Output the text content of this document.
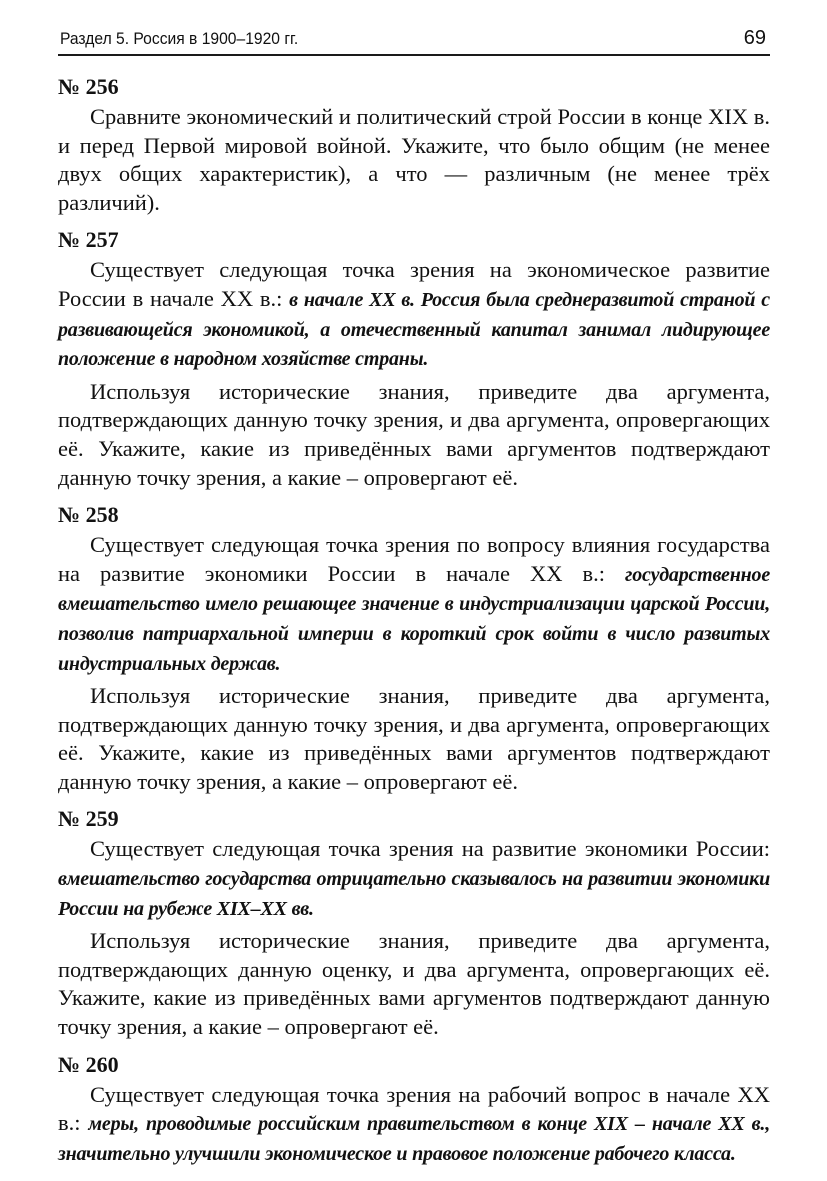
Раздел 5. Россия в 1900–1920 гг.	69
№ 256

Сравните экономический и политический строй России в конце XIX в. и перед Первой мировой войной. Укажите, что было общим (не менее двух общих характеристик), а что — различным (не менее трёх различий).

№ 257

Существует следующая точка зрения на экономическое развитие России в начале XX в.: в начале XX в. Россия была среднеразвитой страной с развивающейся экономикой, а отечественный капитал занимал лидирующее положение в народном хозяйстве страны.

Используя исторические знания, приведите два аргумента, подтверждающих данную точку зрения, и два аргумента, опровергающих её. Укажите, какие из приведённых вами аргументов подтверждают данную точку зрения, а какие – опровергают её.

№ 258

Существует следующая точка зрения по вопросу влияния государства на развитие экономики России в начале XX в.: государственное вмешательство имело решающее значение в индустриализации царской России, позволив патриархальной империи в короткий срок войти в число развитых индустриальных держав.

Используя исторические знания, приведите два аргумента, подтверждающих данную точку зрения, и два аргумента, опровергающих её. Укажите, какие из приведённых вами аргументов подтверждают данную точку зрения, а какие – опровергают её.

№ 259

Существует следующая точка зрения на развитие экономики России: вмешательство государства отрицательно сказывалось на развитии экономики России на рубеже XIX–XX вв.

Используя исторические знания, приведите два аргумента, подтверждающих данную оценку, и два аргумента, опровергающих её. Укажите, какие из приведённых вами аргументов подтверждают данную точку зрения, а какие – опровергают её.

№ 260

Существует следующая точка зрения на рабочий вопрос в начале XX в.: меры, проводимые российским правительством в конце XIX – начале XX в., значительно улучшили экономическое и правовое положение рабочего класса.
